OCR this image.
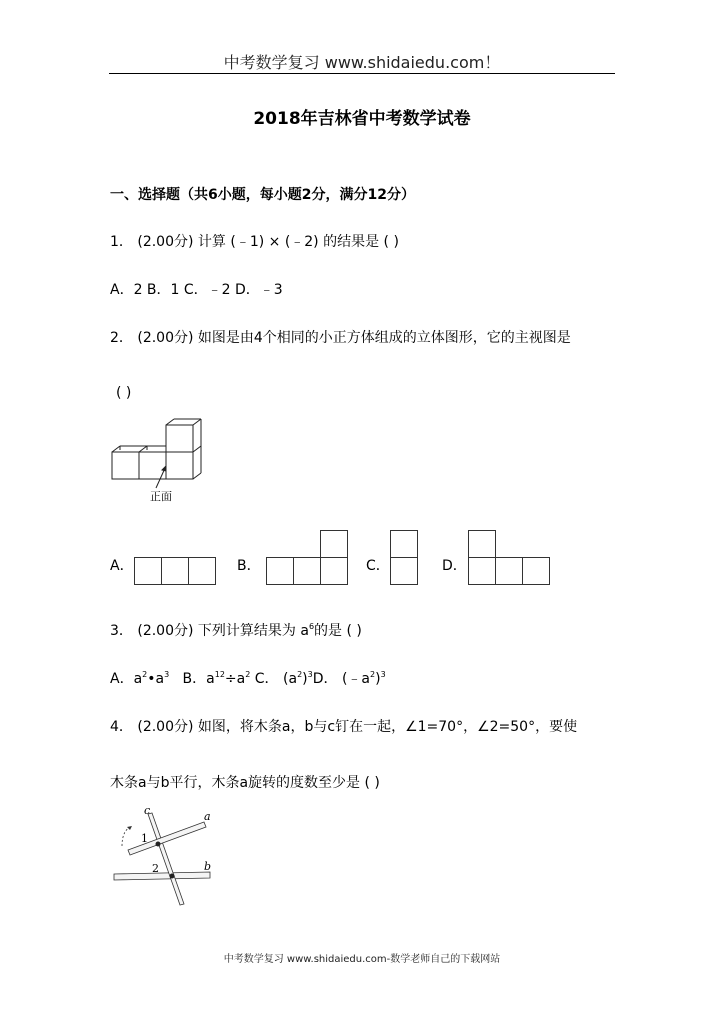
中考数学复习 www.shidaiedu.com！
2018年吉林省中考数学试卷
一、选择题（共6小题，每小题2分，满分12分）
1． (2.00分) 计算 (﹣1) × (﹣2) 的结果是 ( )
A．2 B．1 C．﹣2 D．﹣3
2． (2.00分) 如图是由4个相同的小正方体组成的立体图形，它的主视图是
( )
正面
A．	B．	C．	D．
3． (2.00分) 下列计算结果为 $a^6$的是 ( )
A．$a^2•a^3$ B．$a^{12}\div a^2$ C． $(a^2)^3D$． $(﹣a^2)^3$
4． (2.00分) 如图，将木条a，b与c钉在一起，∠1=70°，∠2=50°，要使
木条a与b平行，木条a旋转的度数至少是 ( )
a
b
c
1
2
中考数学复习 www.shidaiedu.com-数学老师自己的下载网站
